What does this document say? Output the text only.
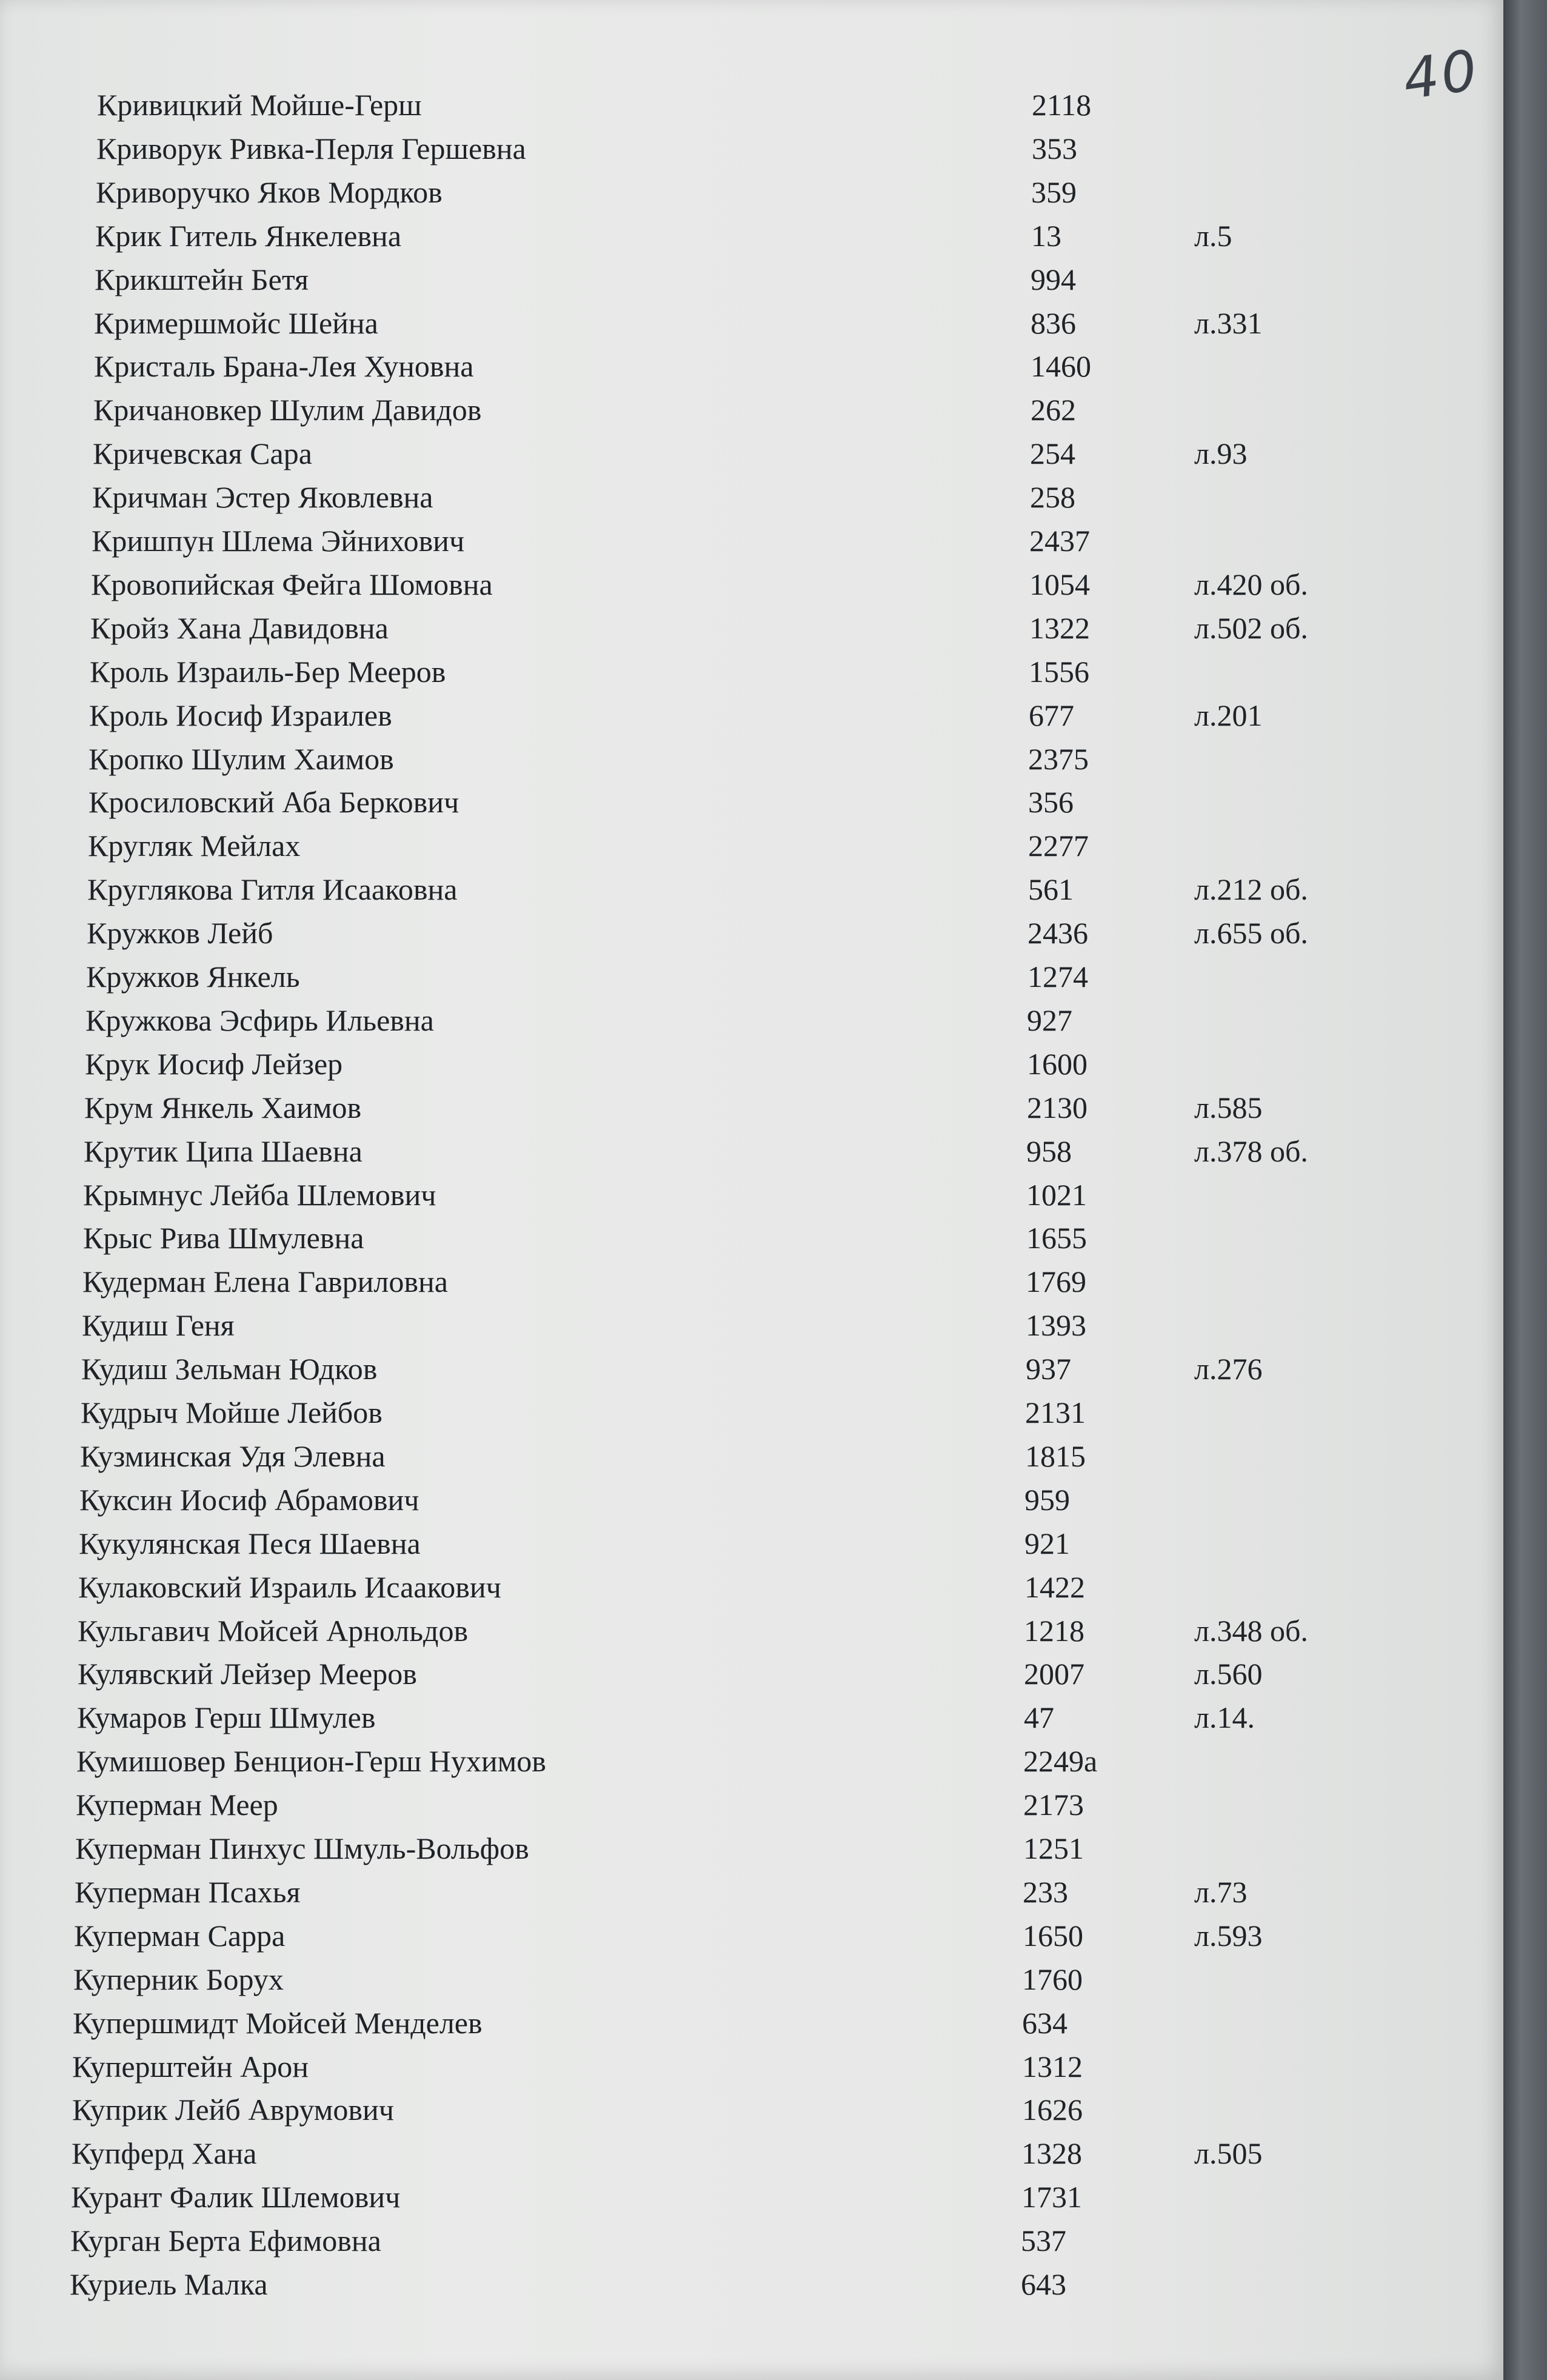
40
Кривицкий Мойше-Герш	2118
Криворук Ривка-Перля Гершевна	353
Криворучко Яков Мордков	359
Крик Гитель Янкелевна	13	л.5
Крикштейн Бетя	994
Кримершмойс Шейна	836	л.331
Кристаль Брана-Лея Хуновна	1460
Кричановкер Шулим Давидов	262
Кричевская Сара	254	л.93
Кричман Эстер Яковлевна	258
Кришпун Шлема Эйнихович	2437
Кровопийская Фейга Шомовна	1054	л.420 об.
Кройз Хана Давидовна	1322	л.502 об.
Кроль Израиль-Бер Мееров	1556
Кроль Иосиф Израилев	677	л.201
Кропко Шулим Хаимов	2375
Кросиловский Аба Беркович	356
Кругляк Мейлах	2277
Круглякова Гитля Исааковна	561	л.212 об.
Кружков Лейб	2436	л.655 об.
Кружков Янкель	1274
Кружкова Эсфирь Ильевна	927
Крук Иосиф Лейзер	1600
Крум Янкель Хаимов	2130	л.585
Крутик Ципа Шаевна	958	л.378 об.
Крымнус Лейба Шлемович	1021
Крыс Рива Шмулевна	1655
Кудерман Елена Гавриловна	1769
Кудиш Геня	1393
Кудиш Зельман Юдков	937	л.276
Кудрыч Мойше Лейбов	2131
Кузминская Удя Элевна	1815
Куксин Иосиф Абрамович	959
Кукулянская Песя Шаевна	921
Кулаковский Израиль Исаакович	1422
Кульгавич Мойсей Арнольдов	1218	л.348 об.
Кулявский Лейзер Мееров	2007	л.560
Кумаров Герш Шмулев	47	л.14.
Кумишовер Бенцион-Герш Нухимов	2249а
Куперман Меер	2173
Куперман Пинхус Шмуль-Вольфов	1251
Куперман Псахья	233	л.73
Куперман Сарра	1650	л.593
Куперник Борух	1760
Купершмидт Мойсей Менделев	634
Куперштейн Арон	1312
Куприк Лейб Аврумович	1626
Купферд Хана	1328	л.505
Курант Фалик Шлемович	1731
Курган Берта Ефимовна	537
Куриель Малка	643
